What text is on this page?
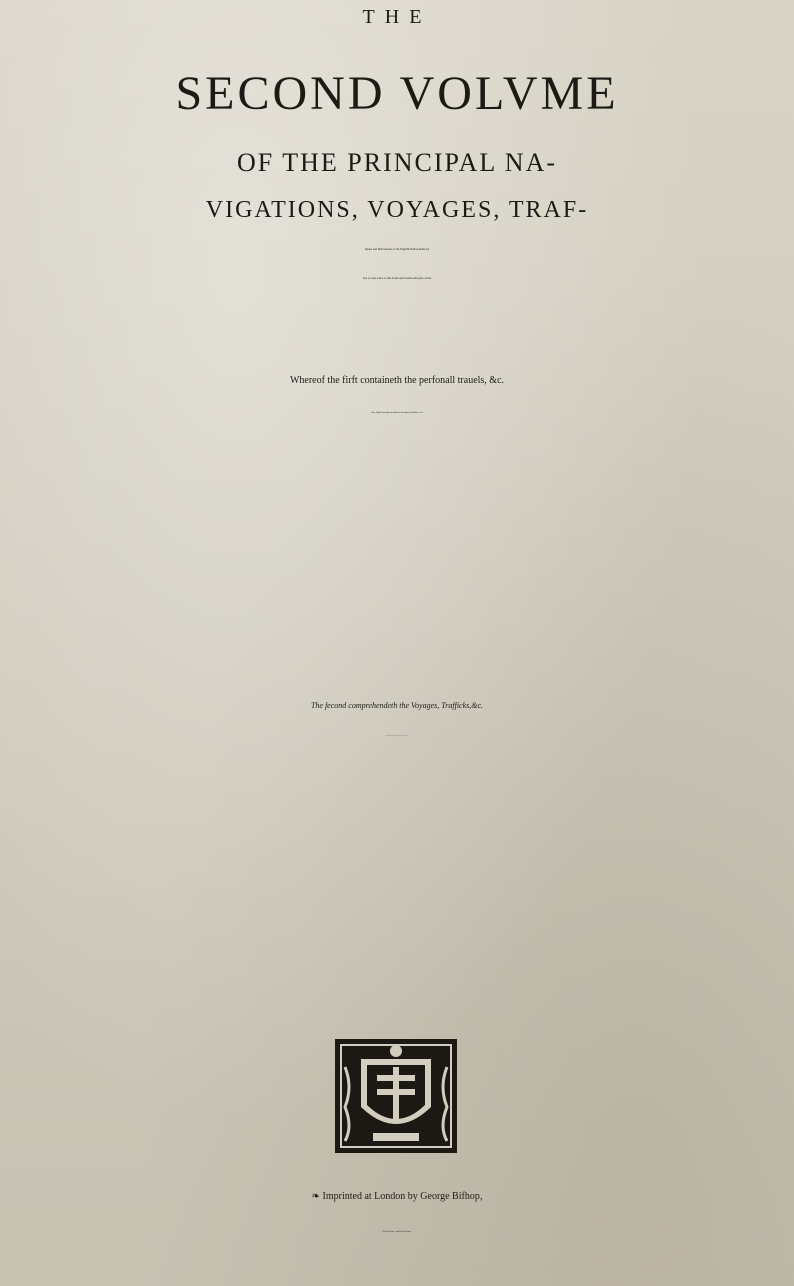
THE
SECOND VOLVME
OF THE PRINCIPAL NA-
VIGATIONS, VOYAGES, TRAF-
fiques and Difcoueries of the Englifh Nation,made by
Sea or ouer-land, to the South and South-eaft parts of the
Whereof the firft containeth the perfonall trauels, &c.
of the Englifh, through and within the Streight of Gibraltar, to Al-
The fecond comprehendeth the Voyages, Trafficks,&c.
of the Englifh Nation,made without the Streight of Gibral-
❧ Imprinted at London by George Bifhop,
Ralph Newbery, and Robert Barker.
